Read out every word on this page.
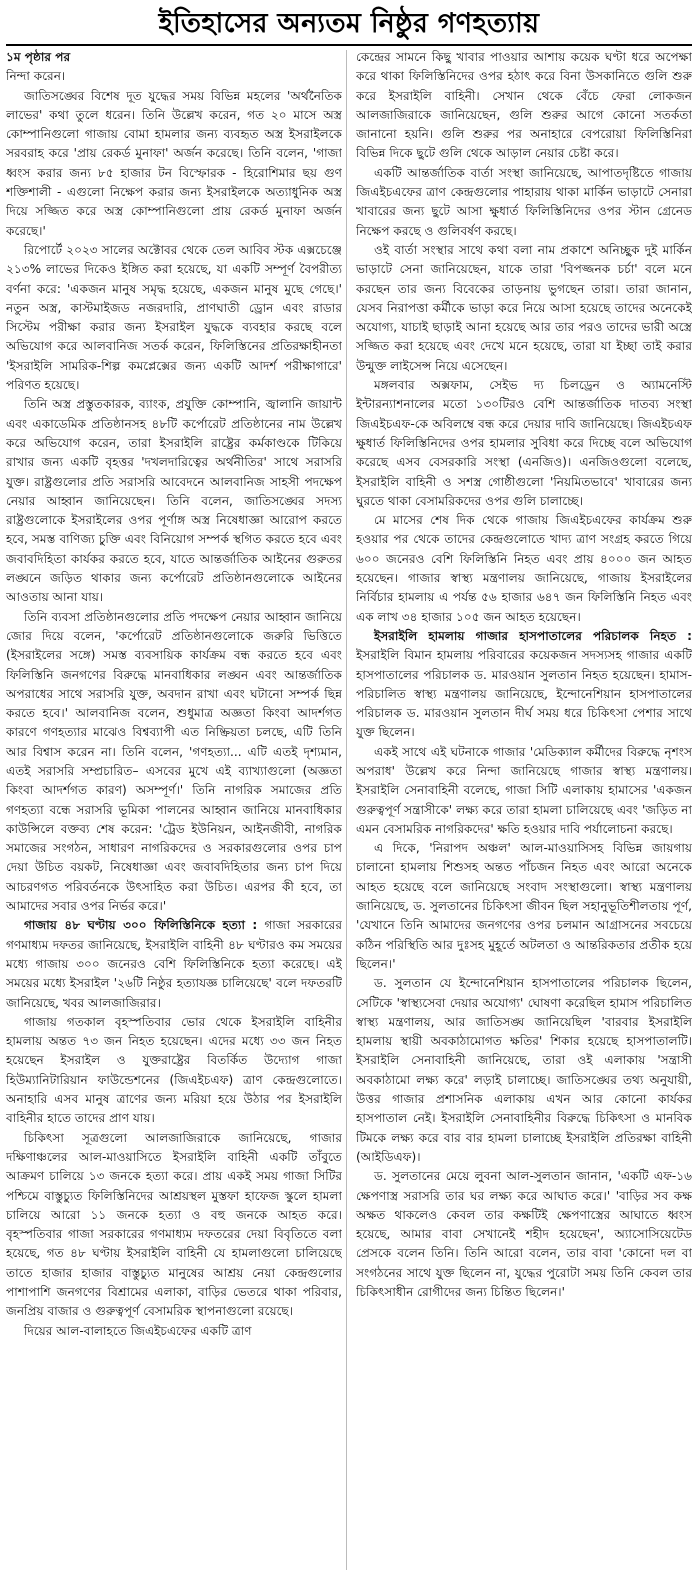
ইতিহাসের অন্যতম নিষ্ঠুর গণহত্যায়

১ম পৃষ্ঠার পর

নিন্দা করেন।

জাতিসঙ্ঘের বিশেষ দূত যুদ্ধের সময় বিভিন্ন মহলের 'অর্থনৈতিক লাভের' কথা তুলে ধরেন। তিনি উল্লেখ করেন, গত ২০ মাসে অস্ত্র কোম্পানিগুলো গাজায় বোমা হামলার জন্য ব্যবহৃত অস্ত্র ইসরাইলকে সরবরাহ করে 'প্রায় রেকর্ড মুনাফা' অর্জন করেছে। তিনি বলেন, 'গাজা ধ্বংস করার জন্য ৮৫ হাজার টন বিস্ফোরক - হিরোশিমার ছয় গুণ শক্তিশালী - এগুলো নিক্ষেপ করার জন্য ইসরাইলকে অত্যাধুনিক অস্ত্র দিয়ে সজ্জিত করে অস্ত্র কোম্পানিগুলো প্রায় রেকর্ড মুনাফা অর্জন করেছে।'

রিপোর্টে ২০২৩ সালের অক্টোবর থেকে তেল আবিব স্টক এক্সচেঞ্জে ২১৩% লাভের দিকেও ইঙ্গিত করা হয়েছে, যা একটি সম্পূর্ণ বৈপরীত্য বর্ণনা করে: 'একজন মানুষ সমৃদ্ধ হয়েছে, একজন মানুষ মুছে গেছে।' নতুন অস্ত্র, কাস্টমাইজড নজরদারি, প্রাণঘাতী ড্রোন এবং রাডার সিস্টেম পরীক্ষা করার জন্য ইসরাইল যুদ্ধকে ব্যবহার করছে বলে অভিযোগ করে আলবানিজ সতর্ক করেন, ফিলিস্তিনের প্রতিরক্ষাহীনতা 'ইসরাইলি সামরিক-শিল্প কমপ্লেক্সের জন্য একটি আদর্শ পরীক্ষাগারে' পরিণত হয়েছে।

তিনি অস্ত্র প্রস্তুতকারক, ব্যাংক, প্রযুক্তি কোম্পানি, জ্বালানি জায়ান্ট এবং একাডেমিক প্রতিষ্ঠানসহ ৪৮টি কর্পোরেট প্রতিষ্ঠানের নাম উল্লেখ করে অভিযোগ করেন, তারা ইসরাইলি রাষ্ট্রের কর্মকাণ্ডকে টিকিয়ে রাখার জন্য একটি বৃহত্তর 'দখলদারিত্বের অর্থনীতির' সাথে সরাসরি যুক্ত। রাষ্ট্রগুলোর প্রতি সরাসরি আবেদনে আলবানিজ সাহসী পদক্ষেপ নেয়ার আহ্বান জানিয়েছেন। তিনি বলেন, জাতিসঙ্ঘের সদস্য রাষ্ট্রগুলোকে ইসরাইলের ওপর পূর্ণাঙ্গ অস্ত্র নিষেধাজ্ঞা আরোপ করতে হবে, সমস্ত বাণিজ্য চুক্তি এবং বিনিয়োগ সম্পর্ক স্থগিত করতে হবে এবং জবাবদিহিতা কার্যকর করতে হবে, যাতে আন্তর্জাতিক আইনের গুরুতর লঙ্ঘনে জড়িত থাকার জন্য কর্পোরেট প্রতিষ্ঠানগুলোকে আইনের আওতায় আনা যায়।

তিনি ব্যবসা প্রতিষ্ঠানগুলোর প্রতি পদক্ষেপ নেয়ার আহ্বান জানিয়ে জোর দিয়ে বলেন, 'কর্পোরেট প্রতিষ্ঠানগুলোকে জরুরি ভিত্তিতে (ইসরাইলের সঙ্গে) সমস্ত ব্যবসায়িক কার্যক্রম বন্ধ করতে হবে এবং ফিলিস্তিনি জনগণের বিরুদ্ধে মানবাধিকার লঙ্ঘন এবং আন্তর্জাতিক অপরাধের সাথে সরাসরি যুক্ত, অবদান রাখা এবং ঘটানো সম্পর্ক ছিন্ন করতে হবে।' আলবানিজ বলেন, শুধুমাত্র অজ্ঞতা কিংবা আদর্শগত কারণে গণহত্যার মাঝেও বিশ্বব্যাপী এত নিষ্ক্রিয়তা চলছে, এটি তিনি আর বিশ্বাস করেন না। তিনি বলেন, 'গণহত্যা... এটি এতই দৃশ্যমান, এতই সরাসরি সম্প্রচারিত– এসবের মুখে এই ব্যাখ্যাগুলো (অজ্ঞতা কিংবা আদর্শগত কারণ) অসম্পূর্ণ।' তিনি নাগরিক সমাজের প্রতি গণহত্যা বন্ধে সরাসরি ভূমিকা পালনের আহ্বান জানিয়ে মানবাধিকার কাউন্সিলে বক্তব্য শেষ করেন: 'ট্রেড ইউনিয়ন, আইনজীবী, নাগরিক সমাজের সংগঠন, সাধারণ নাগরিকদের ও সরকারগুলোর ওপর চাপ দেয়া উচিত বয়কট, নিষেধাজ্ঞা এবং জবাবদিহিতার জন্য চাপ দিয়ে আচরণগত পরিবর্তনকে উৎসাহিত করা উচিত। এরপর কী হবে, তা আমাদের সবার ওপর নির্ভর করে।'

গাজায় ৪৮ ঘণ্টায় ৩০০ ফিলিস্তিনিকে হত্যা : গাজা সরকারের গণমাধ্যম দফতর জানিয়েছে, ইসরাইলি বাহিনী ৪৮ ঘণ্টারও কম সময়ের মধ্যে গাজায় ৩০০ জনেরও বেশি ফিলিস্তিনিকে হত্যা করেছে। এই সময়ের মধ্যে ইসরাইল '২৬টি নিষ্ঠুর হত্যাযজ্ঞ চালিয়েছে' বলে দফতরটি জানিয়েছে, খবর আলজাজিরার।

গাজায় গতকাল বৃহস্পতিবার ভোর থেকে ইসরাইলি বাহিনীর হামলায় অন্তত ৭৩ জন নিহত হয়েছেন। এদের মধ্যে ৩৩ জন নিহত হয়েছেন ইসরাইল ও যুক্তরাষ্ট্রের বিতর্কিত উদ্যোগ গাজা হিউম্যানিটারিয়ান ফাউন্ডেশনের (জিএইচএফ) ত্রাণ কেন্দ্রগুলোতে। অনাহারি এসব মানুষ ত্রাণের জন্য মরিয়া হয়ে উঠার পর ইসরাইলি বাহিনীর হাতে তাদের প্রাণ যায়।

চিকিৎসা সূত্রগুলো আলজাজিরাকে জানিয়েছে, গাজার দক্ষিণাঞ্চলের আল-মাওয়াসিতে ইসরাইলি বাহিনী একটি তাঁবুতে আক্রমণ চালিয়ে ১৩ জনকে হত্যা করে। প্রায় একই সময় গাজা সিটির পশ্চিমে বাস্তুচ্যুত ফিলিস্তিনিদের আশ্রয়স্থল মুস্তফা হাফেজ স্কুলে হামলা চালিয়ে আরো ১১ জনকে হত্যা ও বহু জনকে আহত করে। বৃহস্পতিবার গাজা সরকারের গণমাধ্যম দফতরের দেয়া বিবৃতিতে বলা হয়েছে, গত ৪৮ ঘণ্টায় ইসরাইলি বাহিনী যে হামলাগুলো চালিয়েছে তাতে হাজার হাজার বাস্তুচ্যুত মানুষের আশ্রয় নেয়া কেন্দ্রগুলোর পাশাপাশি জনগণের বিশ্রামের এলাকা, বাড়ির ভেতরে থাকা পরিবার, জনপ্রিয় বাজার ও গুরুত্বপূর্ণ বেসামরিক স্থাপনাগুলো রয়েছে।

দিয়ের আল-বালাহতে জিএইচএফের একটি ত্রাণ

কেন্দ্রের সামনে কিছু খাবার পাওয়ার আশায় কয়েক ঘণ্টা ধরে অপেক্ষা করে থাকা ফিলিস্তিনিদের ওপর হঠাৎ করে বিনা উসকানিতে গুলি শুরু করে ইসরাইলি বাহিনী। সেখান থেকে বেঁচে ফেরা লোকজন আলজাজিরাকে জানিয়েছেন, গুলি শুরুর আগে কোনো সতর্কতা জানানো হয়নি। গুলি শুরুর পর অনাহারে বেপরোয়া ফিলিস্তিনিরা বিভিন্ন দিকে ছুটে গুলি থেকে আড়াল নেয়ার চেষ্টা করে।

একটি আন্তর্জাতিক বার্তা সংস্থা জানিয়েছে, আপাতদৃষ্টিতে গাজায় জিএইচএফের ত্রাণ কেন্দ্রগুলোর পাহারায় থাকা মার্কিন ভাড়াটে সেনারা খাবারের জন্য ছুটে আসা ক্ষুধার্ত ফিলিস্তিনিদের ওপর স্টান গ্রেনেড নিক্ষেপ করছে ও গুলিবর্ষণ করছে।

ওই বার্তা সংস্থার সাথে কথা বলা নাম প্রকাশে অনিচ্ছুক দুই মার্কিন ভাড়াটে সেনা জানিয়েছেন, যাকে তারা 'বিপজ্জনক চর্চা' বলে মনে করছেন তার জন্য বিবেকের তাড়নায় ভুগছেন তারা। তারা জানান, যেসব নিরাপত্তা কর্মীকে ভাড়া করে নিয়ে আসা হয়েছে তাদের অনেকেই অযোগ্য, যাচাই ছাড়াই আনা হয়েছে আর তার পরও তাদের ভারী অস্ত্রে সজ্জিত করা হয়েছে এবং দেখে মনে হয়েছে, তারা যা ইচ্ছা তাই করার উন্মুক্ত লাইসেন্স নিয়ে এসেছেন।

মঙ্গলবার অক্সফাম, সেইভ দ্য চিলড্রেন ও অ্যামনেস্টি ইন্টারন্যাশনালের মতো ১৩০টিরও বেশি আন্তর্জাতিক দাতব্য সংস্থা জিএইচএফ-কে অবিলম্বে বন্ধ করে দেয়ার দাবি জানিয়েছে। জিএইচএফ ক্ষুধার্ত ফিলিস্তিনিদের ওপর হামলার সুবিধা করে দিচ্ছে বলে অভিযোগ করেছে এসব বেসরকারি সংস্থা (এনজিও)। এনজিওগুলো বলেছে, ইসরাইলি বাহিনী ও সশস্ত্র গোষ্ঠীগুলো 'নিয়মিতভাবে' খাবারের জন্য ঘুরতে থাকা বেসামরিকদের ওপর গুলি চালাচ্ছে।

মে মাসের শেষ দিক থেকে গাজায় জিএইচএফের কার্যক্রম শুরু হওয়ার পর থেকে তাদের কেন্দ্রগুলোতে খাদ্য ত্রাণ সংগ্রহ করতে গিয়ে ৬০০ জনেরও বেশি ফিলিস্তিনি নিহত এবং প্রায় ৪০০০ জন আহত হয়েছেন। গাজার স্বাস্থ্য মন্ত্রণালয় জানিয়েছে, গাজায় ইসরাইলের নির্বিচার হামলায় এ পর্যন্ত ৫৬ হাজার ৬৪৭ জন ফিলিস্তিনি নিহত এবং এক লাখ ৩৪ হাজার ১০৫ জন আহত হয়েছেন।

ইসরাইলি হামলায় গাজার হাসপাতালের পরিচালক নিহত : ইসরাইলি বিমান হামলায় পরিবারের কয়েকজন সদস্যসহ গাজার একটি হাসপাতালের পরিচালক ড. মারওয়ান সুলতান নিহত হয়েছেন। হামাস-পরিচালিত স্বাস্থ্য মন্ত্রণালয় জানিয়েছে, ইন্দোনেশিয়ান হাসপাতালের পরিচালক ড. মারওয়ান সুলতান দীর্ঘ সময় ধরে চিকিৎসা পেশার সাথে যুক্ত ছিলেন।

একই সাথে এই ঘটনাকে গাজার 'মেডিক্যাল কর্মীদের বিরুদ্ধে নৃশংস অপরাধ' উল্লেখ করে নিন্দা জানিয়েছে গাজার স্বাস্থ্য মন্ত্রণালয়। ইসরাইলি সেনাবাহিনী বলেছে, গাজা সিটি এলাকায় হামাসের 'একজন গুরুত্বপূর্ণ সন্ত্রাসীকে' লক্ষ্য করে তারা হামলা চালিয়েছে এবং 'জড়িত না এমন বেসামরিক নাগরিকদের' ক্ষতি হওয়ার দাবি পর্যালোচনা করছে।

এ দিকে, 'নিরাপদ অঞ্চল' আল-মাওয়াসিসহ বিভিন্ন জায়গায় চালানো হামলায় শিশুসহ অন্তত পাঁচজন নিহত এবং আরো অনেকে আহত হয়েছে বলে জানিয়েছে সংবাদ সংস্থাগুলো। স্বাস্থ্য মন্ত্রণালয় জানিয়েছে, ড. সুলতানের চিকিৎসা জীবন ছিল সহানুভূতিশীলতায় পূর্ণ, 'যেখানে তিনি আমাদের জনগণের ওপর চলমান আগ্রাসনের সবচেয়ে কঠিন পরিস্থিতি আর দুঃসহ মুহূর্তে অটলতা ও আন্তরিকতার প্রতীক হয়ে ছিলেন।'

ড. সুলতান যে ইন্দোনেশিয়ান হাসপাতালের পরিচালক ছিলেন, সেটিকে 'স্বাস্থ্যসেবা দেয়ার অযোগ্য' ঘোষণা করেছিল হামাস পরিচালিত স্বাস্থ্য মন্ত্রণালয়, আর জাতিসঙ্ঘ জানিয়েছিল 'বারবার ইসরাইলি হামলায় স্থায়ী অবকাঠামোগত ক্ষতির' শিকার হয়েছে হাসপাতালটি। ইসরাইলি সেনাবাহিনী জানিয়েছে, তারা ওই এলাকায় 'সন্ত্রাসী অবকাঠামো লক্ষ্য করে' লড়াই চালাচ্ছে। জাতিসঙ্ঘের তথ্য অনুযায়ী, উত্তর গাজার প্রশাসনিক এলাকায় এখন আর কোনো কার্যকর হাসপাতাল নেই। ইসরাইলি সেনাবাহিনীর বিরুদ্ধে চিকিৎসা ও মানবিক টিমকে লক্ষ্য করে বার বার হামলা চালাচ্ছে ইসরাইলি প্রতিরক্ষা বাহিনী (আইডিএফ)।

ড. সুলতানের মেয়ে লুবনা আল-সুলতান জানান, 'একটি এফ-১৬ ক্ষেপণাস্ত্র সরাসরি তার ঘর লক্ষ্য করে আঘাত করে।' 'বাড়ির সব কক্ষ অক্ষত থাকলেও কেবল তার কক্ষটিই ক্ষেপণাস্ত্রের আঘাতে ধ্বংস হয়েছে, আমার বাবা সেখানেই শহীদ হয়েছেন', অ্যাসোসিয়েটেড প্রেসকে বলেন তিনি। তিনি আরো বলেন, তার বাবা 'কোনো দল বা সংগঠনের সাথে যুক্ত ছিলেন না, যুদ্ধের পুরোটা সময় তিনি কেবল তার চিকিৎসাধীন রোগীদের জন্য চিন্তিত ছিলেন।'
